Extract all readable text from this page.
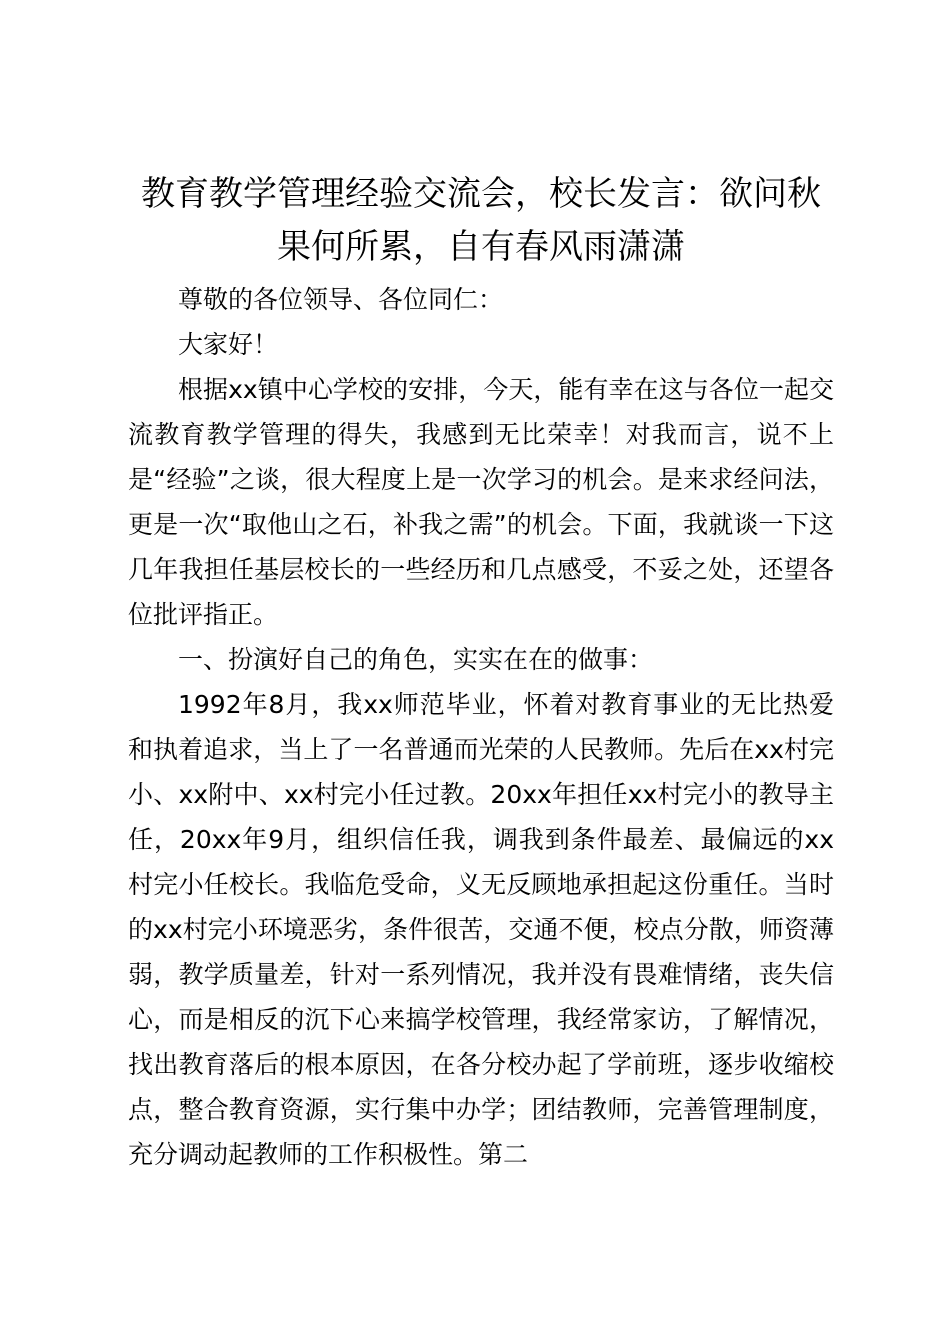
教育教学管理经验交流会，校长发言：欲问秋果何所累，自有春风雨潇潇

尊敬的各位领导、各位同仁：

大家好！

根据xx镇中心学校的安排，今天，能有幸在这与各位一起交流教育教学管理的得失，我感到无比荣幸！对我而言，说不上是“经验”之谈，很大程度上是一次学习的机会。是来求经问法，更是一次“取他山之石，补我之需”的机会。下面，我就谈一下这几年我担任基层校长的一些经历和几点感受，不妥之处，还望各位批评指正。

一、扮演好自己的角色，实实在在的做事：

1992年8月，我xx师范毕业，怀着对教育事业的无比热爱和执着追求，当上了一名普通而光荣的人民教师。先后在xx村完小、xx附中、xx村完小任过教。20xx年担任xx村完小的教导主任，20xx年9月，组织信任我，调我到条件最差、最偏远的xx村完小任校长。我临危受命，义无反顾地承担起这份重任。当时的xx村完小环境恶劣，条件很苦，交通不便，校点分散，师资薄弱，教学质量差，针对一系列情况，我并没有畏难情绪，丧失信心，而是相反的沉下心来搞学校管理，我经常家访，了解情况，找出教育落后的根本原因，在各分校办起了学前班，逐步收缩校点，整合教育资源，实行集中办学；团结教师，完善管理制度，充分调动起教师的工作积极性。第二
